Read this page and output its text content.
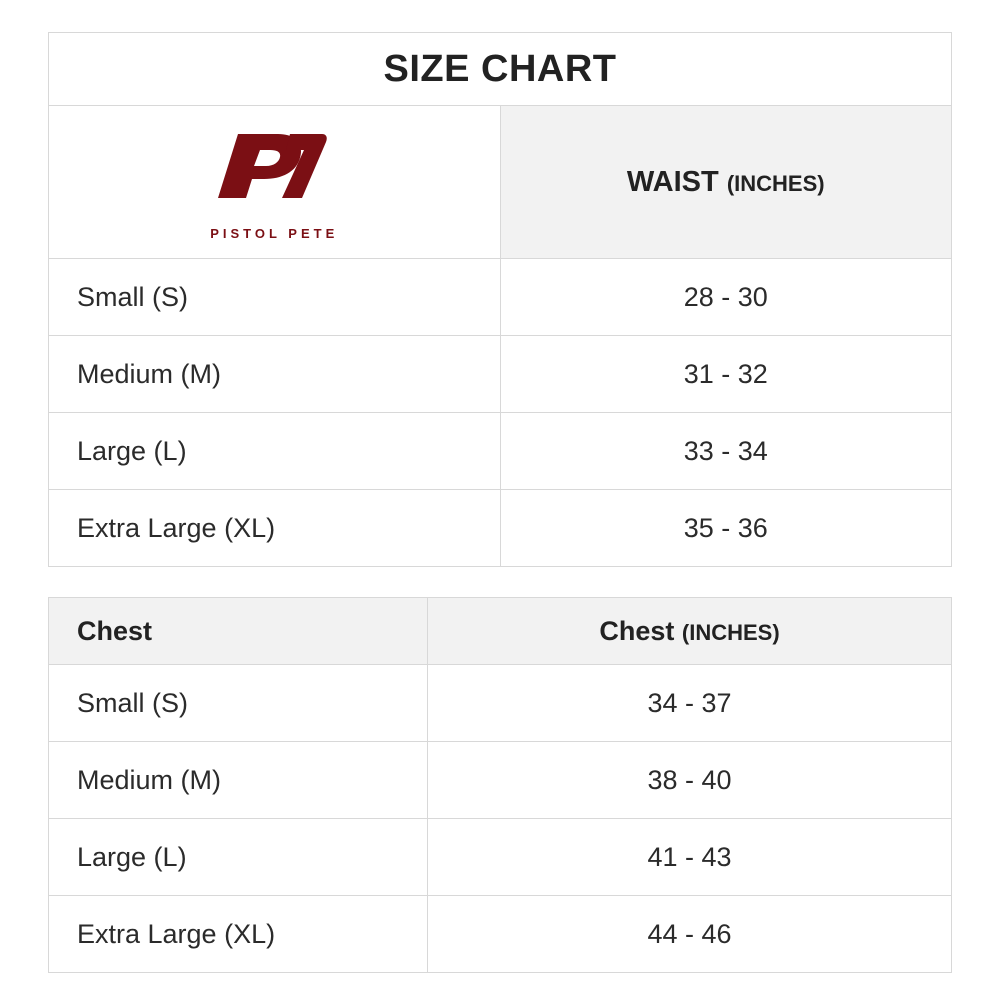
SIZE CHART	

PISTOL PETE	WAIST (INCHES)
Small (S)	28 - 30
Medium (M)	31 - 32
Large (L)	33 - 34
Extra Large (XL)	35 - 36
Chest	Chest (INCHES)
Small (S)	34 - 37
Medium (M)	38 - 40
Large (L)	41 - 43
Extra Large (XL)	44 - 46
